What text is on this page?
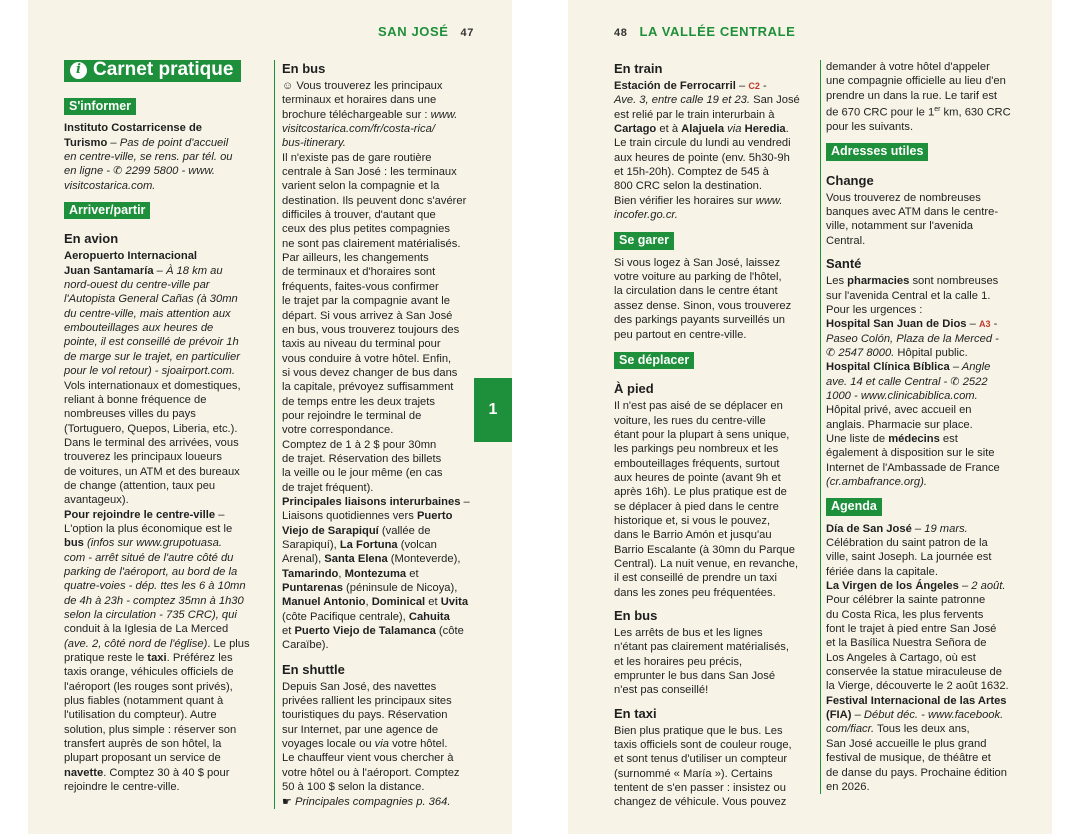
SAN JOSÉ 47
i Carnet pratique
S'informer

Instituto Costarricense de
Turismo – Pas de point d'accueil
en centre-ville, se rens. par tél. ou
en ligne - ✆ 2299 5800 - www.
visitcostarica.com.

Arriver/partir
En avion

Aeropuerto Internacional
Juan Santamaría – À 18 km au
nord-ouest du centre-ville par
l'Autopista General Cañas (à 30mn
du centre-ville, mais attention aux
embouteillages aux heures de
pointe, il est conseillé de prévoir 1h
de marge sur le trajet, en particulier
pour le vol retour) - sjoairport.com.
Vols internationaux et domestiques,
reliant à bonne fréquence de
nombreuses villes du pays
(Tortuguero, Quepos, Liberia, etc.).
Dans le terminal des arrivées, vous
trouverez les principaux loueurs
de voitures, un ATM et des bureaux
de change (attention, taux peu
avantageux).
Pour rejoindre le centre-ville –
L'option la plus économique est le
bus (infos sur www.grupotuasa.
com - arrêt situé de l'autre côté du
parking de l'aéroport, au bord de la
quatre-voies - dép. ttes les 6 à 10mn
de 4h à 23h - comptez 35mn à 1h30
selon la circulation - 735 CRC), qui
conduit à la Iglesia de La Merced
(ave. 2, côté nord de l'église). Le plus
pratique reste le taxi. Préférez les
taxis orange, véhicules officiels de
l'aéroport (les rouges sont privés),
plus fiables (notamment quant à
l'utilisation du compteur). Autre
solution, plus simple : réserver son
transfert auprès de son hôtel, la
plupart proposant un service de
navette. Comptez 30 à 40 $ pour
rejoindre le centre-ville.

En bus

☺ Vous trouverez les principaux
terminaux et horaires dans une
brochure téléchargeable sur : www.
visitcostarica.com/fr/costa-rica/
bus-itinerary.
Il n'existe pas de gare routière
centrale à San José : les terminaux
varient selon la compagnie et la
destination. Ils peuvent donc s'avérer
difficiles à trouver, d'autant que
ceux des plus petites compagnies
ne sont pas clairement matérialisés.
Par ailleurs, les changements
de terminaux et d'horaires sont
fréquents, faites-vous confirmer
le trajet par la compagnie avant le
départ. Si vous arrivez à San José
en bus, vous trouverez toujours des
taxis au niveau du terminal pour
vous conduire à votre hôtel. Enfin,
si vous devez changer de bus dans
la capitale, prévoyez suffisamment
de temps entre les deux trajets
pour rejoindre le terminal de
votre correspondance.
Comptez de 1 à 2 $ pour 30mn
de trajet. Réservation des billets
la veille ou le jour même (en cas
de trajet fréquent).
Principales liaisons interurbaines –
Liaisons quotidiennes vers Puerto
Viejo de Sarapiquí (vallée de
Sarapiquí), La Fortuna (volcan
Arenal), Santa Elena (Monteverde),
Tamarindo, Montezuma et
Puntarenas (péninsule de Nicoya),
Manuel Antonio, Dominical et Uvita
(côte Pacifique centrale), Cahuita
et Puerto Viejo de Talamanca (côte
Caraïbe).

En shuttle

Depuis San José, des navettes
privées rallient les principaux sites
touristiques du pays. Réservation
sur Internet, par une agence de
voyages locale ou via votre hôtel.
Le chauffeur vient vous chercher à
votre hôtel ou à l'aéroport. Comptez
50 à 100 $ selon la distance.
☛ Principales compagnies p. 364.

1
48 LA VALLÉE CENTRALE
En train

Estación de Ferrocarril – C2 -
Ave. 3, entre calle 19 et 23. San José
est relié par le train interurbain à
Cartago et à Alajuela via Heredia.
Le train circule du lundi au vendredi
aux heures de pointe (env. 5h30-9h
et 15h-20h). Comptez de 545 à
800 CRC selon la destination.
Bien vérifier les horaires sur www.
incofer.go.cr.

Se garer

Si vous logez à San José, laissez
votre voiture au parking de l'hôtel,
la circulation dans le centre étant
assez dense. Sinon, vous trouverez
des parkings payants surveillés un
peu partout en centre-ville.

Se déplacer
À pied

Il n'est pas aisé de se déplacer en
voiture, les rues du centre-ville
étant pour la plupart à sens unique,
les parkings peu nombreux et les
embouteillages fréquents, surtout
aux heures de pointe (avant 9h et
après 16h). Le plus pratique est de
se déplacer à pied dans le centre
historique et, si vous le pouvez,
dans le Barrio Amón et jusqu'au
Barrio Escalante (à 30mn du Parque
Central). La nuit venue, en revanche,
il est conseillé de prendre un taxi
dans les zones peu fréquentées.

En bus

Les arrêts de bus et les lignes
n'étant pas clairement matérialisés,
et les horaires peu précis,
emprunter le bus dans San José
n'est pas conseillé!

En taxi

Bien plus pratique que le bus. Les
taxis officiels sont de couleur rouge,
et sont tenus d'utiliser un compteur
(surnommé « María »). Certains
tentent de s'en passer : insistez ou
changez de véhicule. Vous pouvez

demander à votre hôtel d'appeler
une compagnie officielle au lieu d'en
prendre un dans la rue. Le tarif est
de 670 CRC pour le 1er km, 630 CRC
pour les suivants.

Adresses utiles
Change

Vous trouverez de nombreuses
banques avec ATM dans le centre-
ville, notamment sur l'avenida
Central.

Santé

Les pharmacies sont nombreuses
sur l'avenida Central et la calle 1.
Pour les urgences :
Hospital San Juan de Dios – A3 -
Paseo Colón, Plaza de la Merced -
✆ 2547 8000. Hôpital public.
Hospital Clínica Bíblica – Angle
ave. 14 et calle Central - ✆ 2522
1000 - www.clinicabiblica.com.
Hôpital privé, avec accueil en
anglais. Pharmacie sur place.
Une liste de médecins est
également à disposition sur le site
Internet de l'Ambassade de France
(cr.ambafrance.org).

Agenda

Día de San José – 19 mars.
Célébration du saint patron de la
ville, saint Joseph. La journée est
fériée dans la capitale.
La Virgen de los Ángeles – 2 août.
Pour célébrer la sainte patronne
du Costa Rica, les plus fervents
font le trajet à pied entre San José
et la Basílica Nuestra Señora de
Los Angeles à Cartago, où est
conservée la statue miraculeuse de
la Vierge, découverte le 2 août 1632.
Festival Internacional de las Artes
(FIA) – Début déc. - www.facebook.
com/fiacr. Tous les deux ans,
San José accueille le plus grand
festival de musique, de théâtre et
de danse du pays. Prochaine édition
en 2026.
